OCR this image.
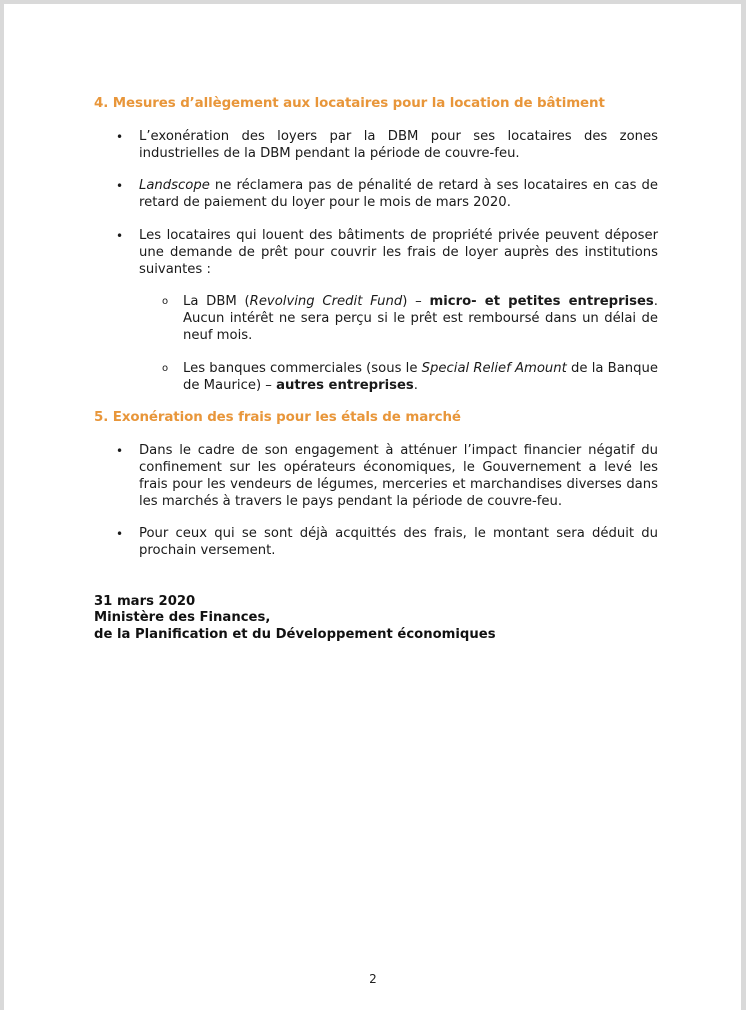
4. Mesures d’allègement aux locataires pour la location de bâtiment
• L’exonération des loyers par la DBM pour ses locataires des zones industrielles de la DBM pendant la période de couvre-feu.
• Landscope ne réclamera pas de pénalité de retard à ses locataires en cas de retard de paiement du loyer pour le mois de mars 2020.
• Les locataires qui louent des bâtiments de propriété privée peuvent déposer une demande de prêt pour couvrir les frais de loyer auprès des institutions suivantes :
o La DBM (Revolving Credit Fund) – micro- et petites entreprises. Aucun intérêt ne sera perçu si le prêt est remboursé dans un délai de neuf mois.
o Les banques commerciales (sous le Special Relief Amount de la Banque de Maurice) – autres entreprises.
5. Exonération des frais pour les étals de marché
• Dans le cadre de son engagement à atténuer l’impact financier négatif du confinement sur les opérateurs économiques, le Gouvernement a levé les frais pour les vendeurs de légumes, merceries et marchandises diverses dans les marchés à travers le pays pendant la période de couvre-feu.
• Pour ceux qui se sont déjà acquittés des frais, le montant sera déduit du prochain versement.
31 mars 2020
Ministère des Finances,
de la Planification et du Développement économiques
2
